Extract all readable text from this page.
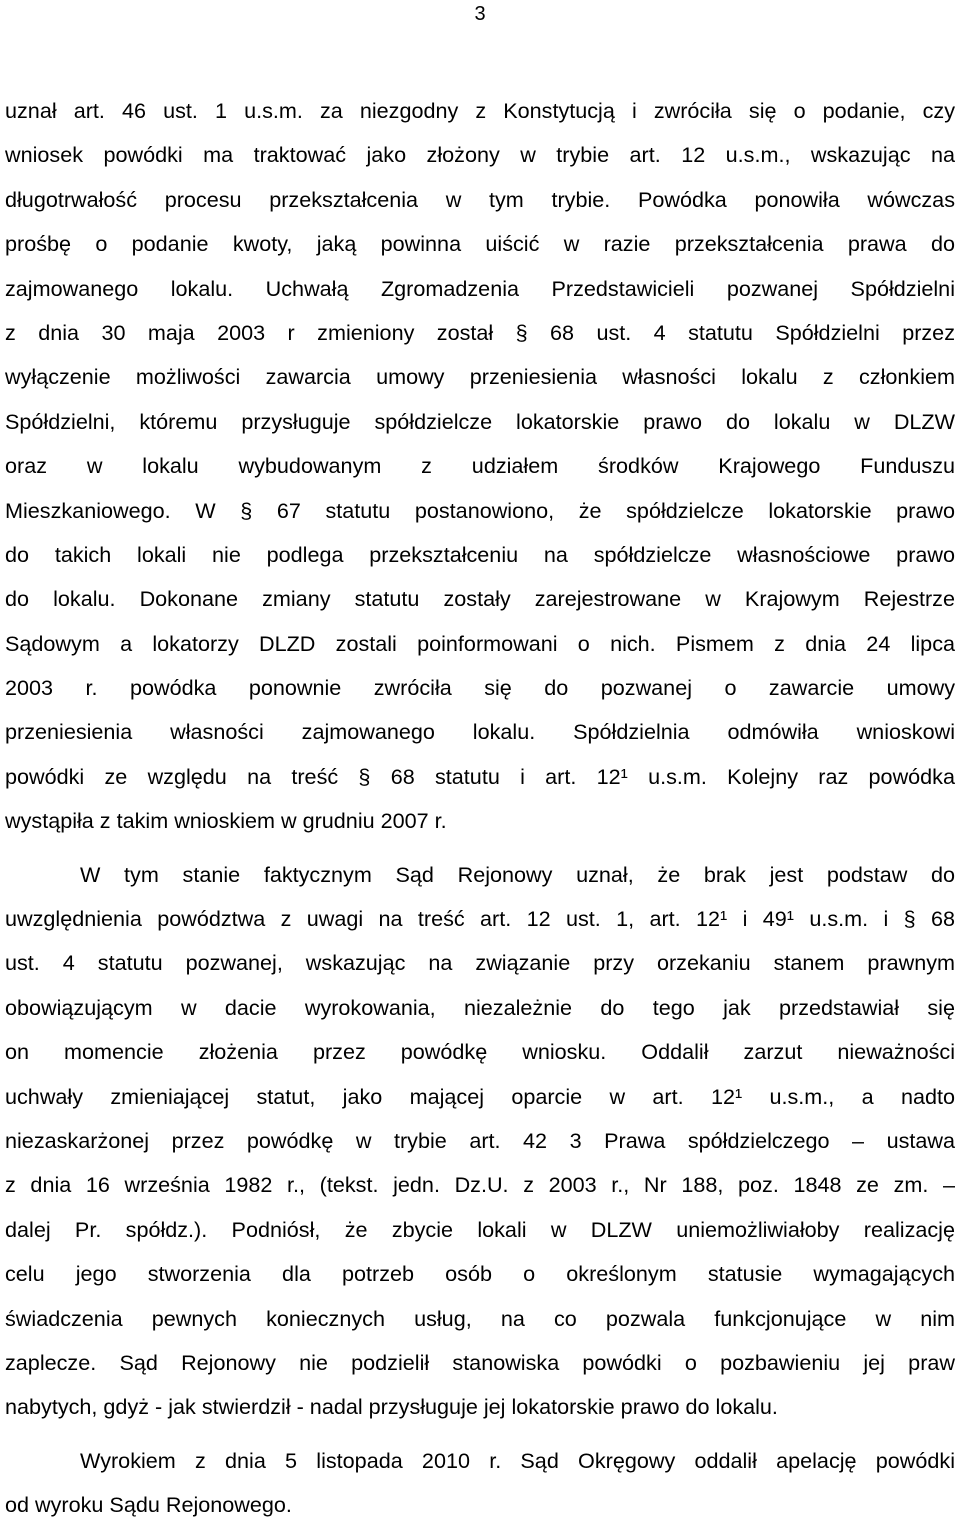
3
uznał art. 46 ust. 1 u.s.m. za niezgodny z Konstytucją i zwróciła się o podanie, czy
wniosek powódki ma traktować jako złożony w trybie art. 12 u.s.m., wskazując na
długotrwałość procesu przekształcenia w tym trybie. Powódka ponowiła wówczas
prośbę o podanie kwoty, jaką powinna uiścić w razie przekształcenia prawa do
zajmowanego lokalu. Uchwałą Zgromadzenia Przedstawicieli pozwanej Spółdzielni
z dnia 30 maja 2003 r zmieniony został § 68 ust. 4 statutu Spółdzielni przez
wyłączenie możliwości zawarcia umowy przeniesienia własności lokalu z członkiem
Spółdzielni, któremu przysługuje spółdzielcze lokatorskie prawo do lokalu w DLZW
oraz w lokalu wybudowanym z udziałem środków Krajowego Funduszu
Mieszkaniowego. W § 67 statutu postanowiono, że spółdzielcze lokatorskie prawo
do takich lokali nie podlega przekształceniu na spółdzielcze własnościowe prawo
do lokalu. Dokonane zmiany statutu zostały zarejestrowane w Krajowym Rejestrze
Sądowym a lokatorzy DLZD zostali poinformowani o nich. Pismem z dnia 24 lipca
2003 r. powódka ponownie zwróciła się do pozwanej o zawarcie umowy
przeniesienia własności zajmowanego lokalu. Spółdzielnia odmówiła wnioskowi
powódki ze względu na treść § 68 statutu i art. 12¹ u.s.m. Kolejny raz powódka
wystąpiła z takim wnioskiem w grudniu 2007 r.
W tym stanie faktycznym Sąd Rejonowy uznał, że brak jest podstaw do
uwzględnienia powództwa z uwagi na treść art. 12 ust. 1, art. 12¹ i 49¹ u.s.m. i § 68
ust. 4 statutu pozwanej, wskazując na związanie przy orzekaniu stanem prawnym
obowiązującym w dacie wyrokowania, niezależnie do tego jak przedstawiał się
on momencie złożenia przez powódkę wniosku. Oddalił zarzut nieważności
uchwały zmieniającej statut, jako mającej oparcie w art. 12¹ u.s.m., a nadto
niezaskarżonej przez powódkę w trybie art. 42 3 Prawa spółdzielczego – ustawa
z dnia 16 września 1982 r., (tekst. jedn. Dz.U. z 2003 r., Nr 188, poz. 1848 ze zm. –
dalej Pr. spółdz.). Podniósł, że zbycie lokali w DLZW uniemożliwiałoby realizację
celu jego stworzenia dla potrzeb osób o określonym statusie wymagających
świadczenia pewnych koniecznych usług, na co pozwala funkcjonujące w nim
zaplecze. Sąd Rejonowy nie podzielił stanowiska powódki o pozbawieniu jej praw
nabytych, gdyż - jak stwierdził - nadal przysługuje jej lokatorskie prawo do lokalu.
Wyrokiem z dnia 5 listopada 2010 r. Sąd Okręgowy oddalił apelację powódki
od wyroku Sądu Rejonowego.
